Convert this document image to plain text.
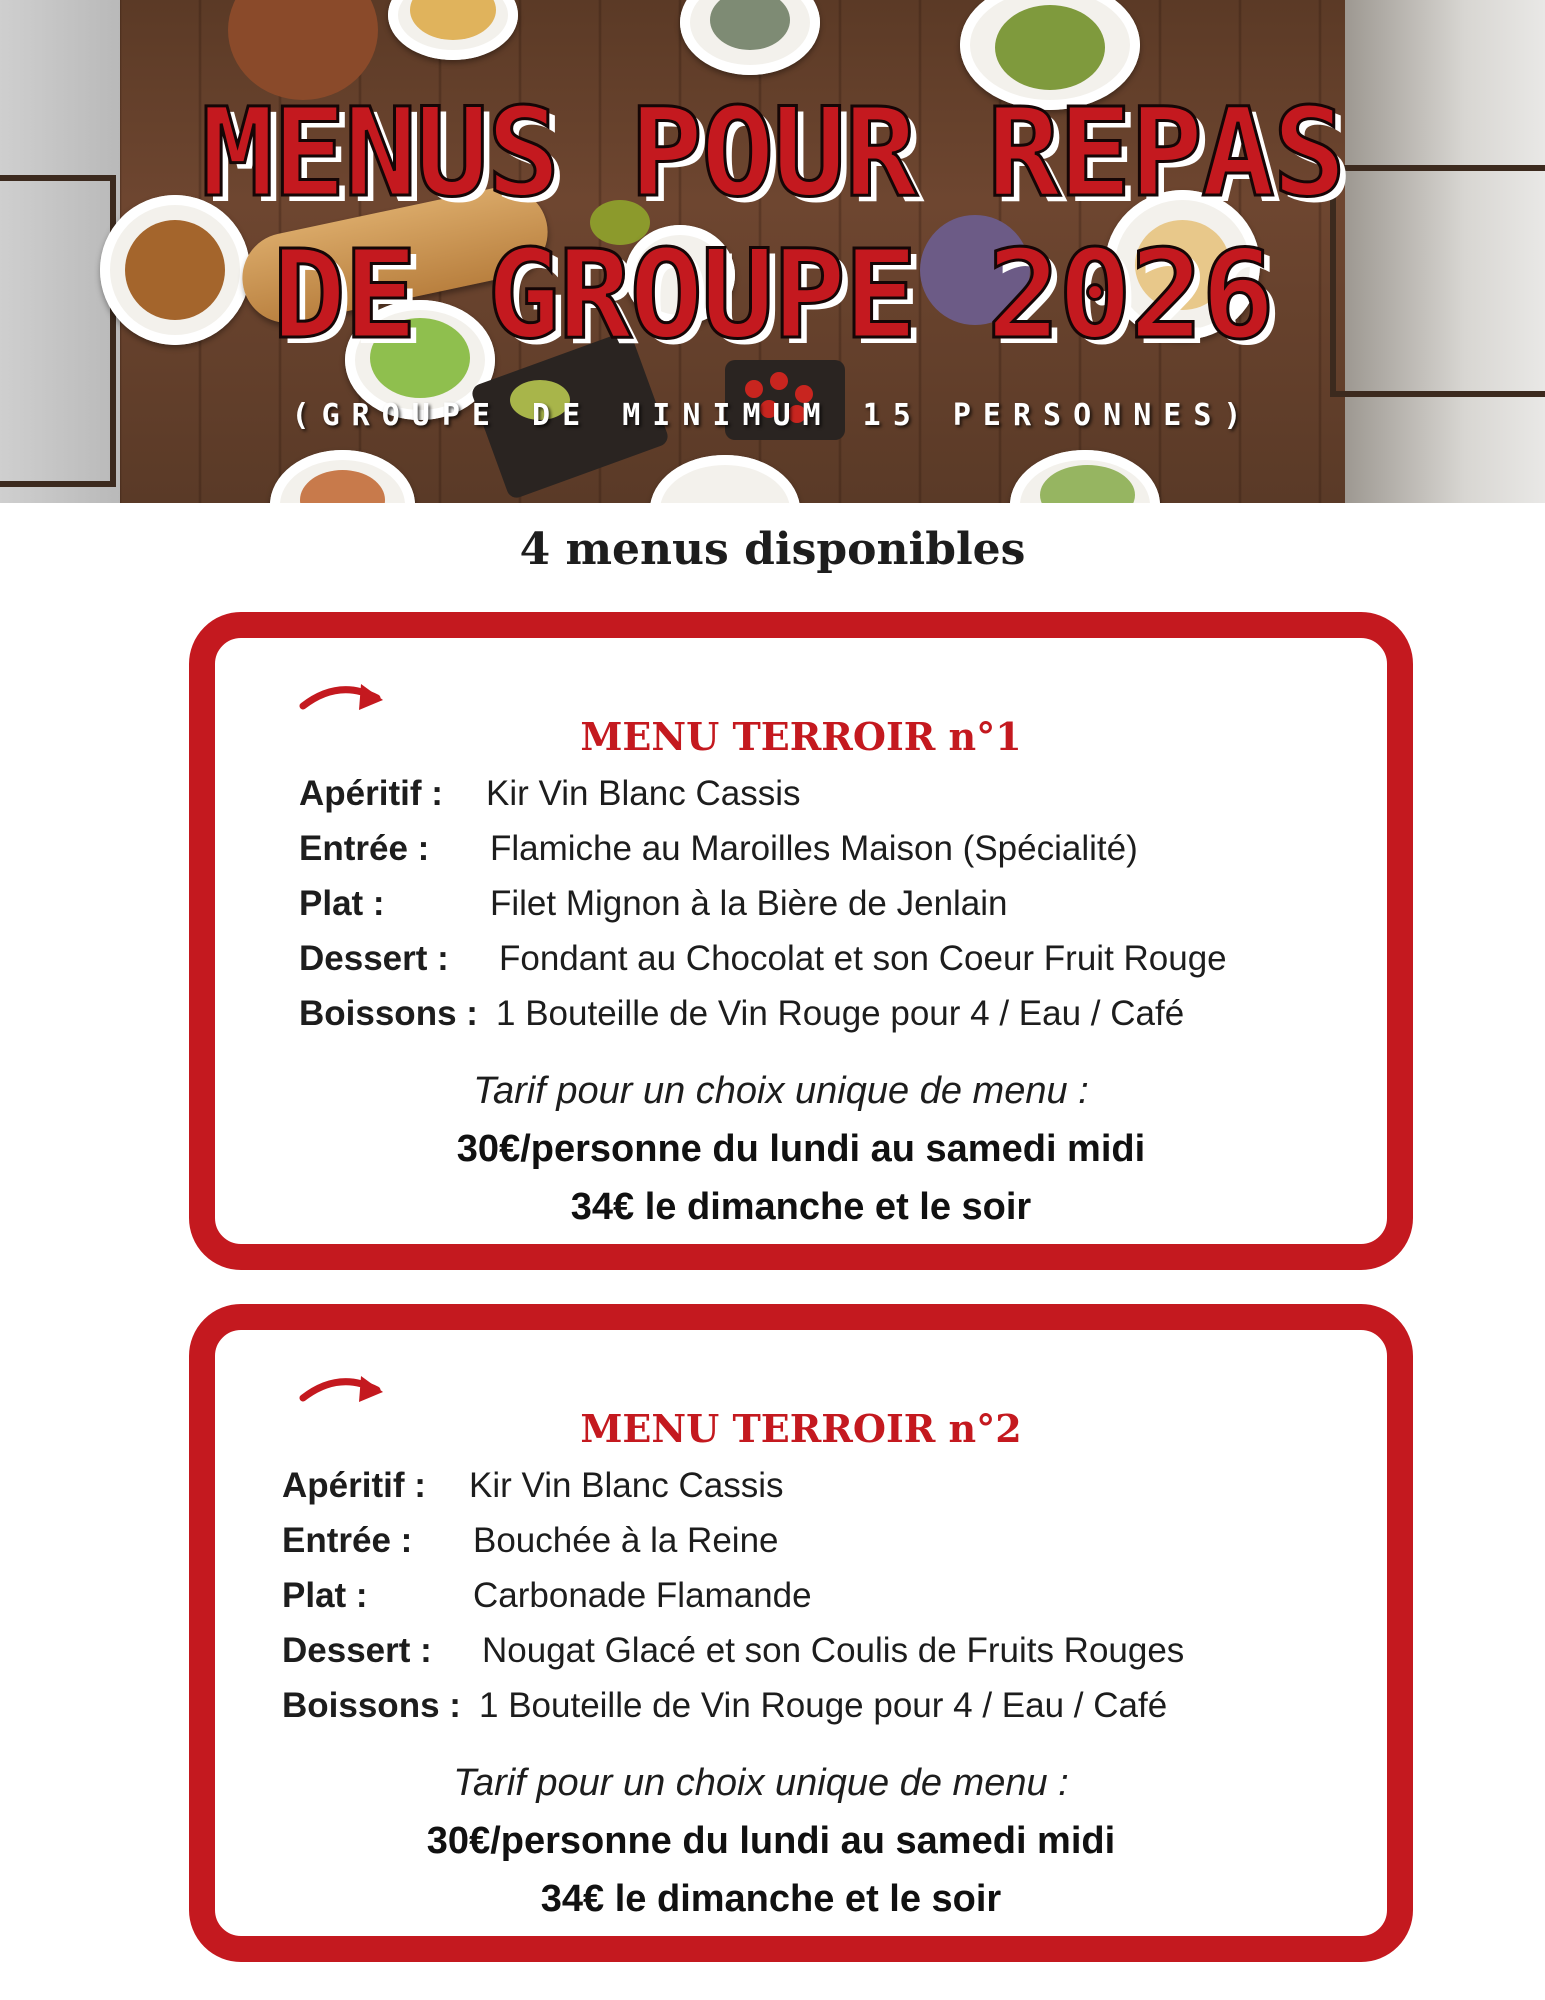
MENUS POUR REPAS
DE GROUPE 2026
(GROUPE DE MINIMUM 15 PERSONNES)
4 menus disponibles
MENU TERROIR n°1
Apéritif : Kir Vin Blanc Cassis
Entrée : Flamiche au Maroilles Maison (Spécialité)
Plat :	Filet Mignon à la Bière de Jenlain
Dessert : Fondant au Chocolat et son Coeur Fruit Rouge
Boissons : 1 Bouteille de Vin Rouge pour 4 / Eau / Café
Tarif pour un choix unique de menu :
30€/personne du lundi au samedi midi
34€ le dimanche et le soir
MENU TERROIR n°2
Apéritif : Kir Vin Blanc Cassis
Entrée : Bouchée à la Reine
Plat :	Carbonade Flamande
Dessert : Nougat Glacé et son Coulis de Fruits Rouges
Boissons : 1 Bouteille de Vin Rouge pour 4 / Eau / Café
Tarif pour un choix unique de menu :
30€/personne du lundi au samedi midi
34€ le dimanche et le soir
